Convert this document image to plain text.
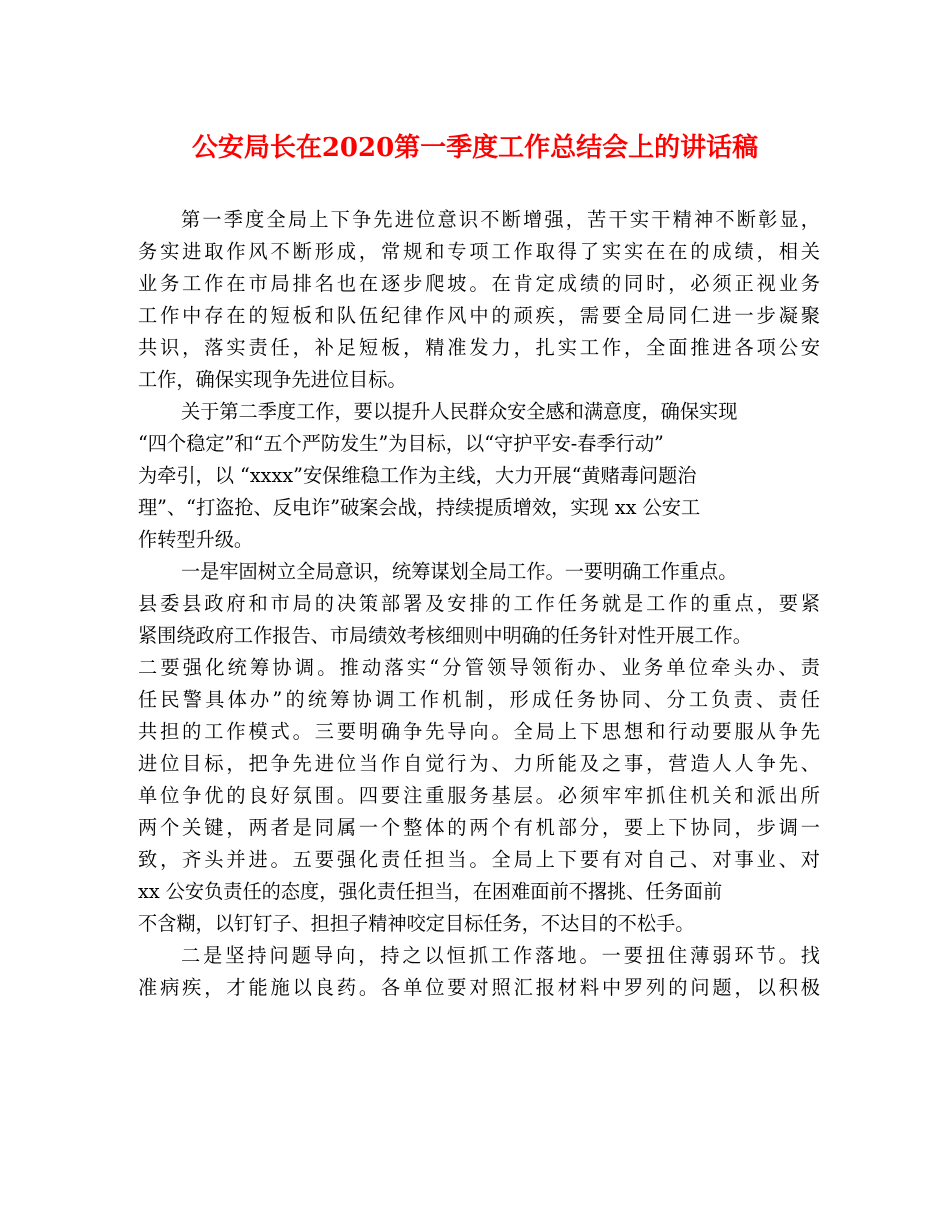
公安局长在2020第一季度工作总结会上的讲话稿
第一季度全局上下争先进位意识不断增强，苦干实干精神不断彰显，
务实进取作风不断形成，常规和专项工作取得了实实在在的成绩，相关
业务工作在市局排名也在逐步爬坡。在肯定成绩的同时，必须正视业务
工作中存在的短板和队伍纪律作风中的顽疾，需要全局同仁进一步凝聚
共识，落实责任，补足短板，精准发力，扎实工作，全面推进各项公安
工作，确保实现争先进位目标。
关于第二季度工作，要以提升人民群众安全感和满意度，确保实现
“四个稳定”和“五个严防发生”为目标，以“守护平安-春季行动”
为牵引，以 “xxxx”安保维稳工作为主线，大力开展“黄赌毒问题治
理”、“打盗抢、反电诈”破案会战，持续提质增效，实现 xx 公安工
作转型升级。
一是牢固树立全局意识，统筹谋划全局工作。一要明确工作重点。
县委县政府和市局的决策部署及安排的工作任务就是工作的重点，要紧
紧围绕政府工作报告、市局绩效考核细则中明确的任务针对性开展工作。
二要强化统筹协调。推动落实“分管领导领衔办、业务单位牵头办、责
任民警具体办”的统筹协调工作机制，形成任务协同、分工负责、责任
共担的工作模式。三要明确争先导向。全局上下思想和行动要服从争先
进位目标，把争先进位当作自觉行为、力所能及之事，营造人人争先、
单位争优的良好氛围。四要注重服务基层。必须牢牢抓住机关和派出所
两个关键，两者是同属一个整体的两个有机部分，要上下协同，步调一
致，齐头并进。五要强化责任担当。全局上下要有对自己、对事业、对
xx 公安负责任的态度，强化责任担当，在困难面前不撂挑、任务面前
不含糊，以钉钉子、担担子精神咬定目标任务，不达目的不松手。
二是坚持问题导向，持之以恒抓工作落地。一要扭住薄弱环节。找
准病疾，才能施以良药。各单位要对照汇报材料中罗列的问题，以积极
